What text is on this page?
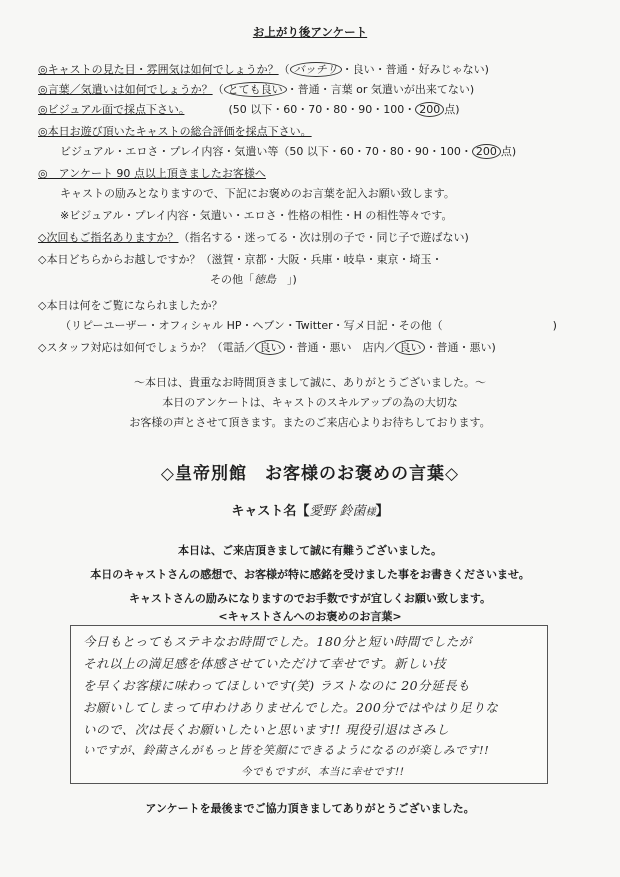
お上がり後アンケート
◎キャストの見た目・雰囲気は如何でしょうか？（ バッチリ ・良い・普通・好みじゃない)
◎言葉／気遣いは如何でしょうか？（ とても良い ・普通・言葉 or 気遣いが出来てない)
◎ビジュアル面で採点下さい。　　　　	(50 以下・60・70・80・90・100・ 200 点)
◎本日お遊び頂いたキャストの総合評価を採点下さい。
ビジュアル・エロさ・プレイ内容・気遣い等（50 以下・60・70・80・90・100・ 200 点)
◎　アンケート 90 点以上頂きましたお客様へ
キャストの励みとなりますので、下記にお褒めのお言葉を記入お願い致します。
※ビジュアル・プレイ内容・気遣い・エロさ・性格の相性・H の相性等々です。
◇次回もご指名ありますか？（指名する・迷ってる・次は別の子で・同じ子で遊ばない)
◇本日どちらからお越しですか？（滋賀・京都・大阪・兵庫・岐阜・東京・埼玉・
その他「徳島　 」)
◇本日は何をご覧になられましたか？
（リピーユーザー・オフィシャル HP・ヘブン・Twitter・写メ日記・その他（　　　　　　　　　　	)
◇スタッフ対応は如何でしょうか？（電話／ 良い ・普通・悪い　店内／ 良い ・普通・悪い)
～本日は、貴重なお時間頂きまして誠に、ありがとうございました。～
本日のアンケートは、キャストのスキルアップの為の大切な
お客様の声とさせて頂きます。またのご来店心よりお待ちしております。
◇皇帝別館　お客様のお褒めの言葉◇
キャスト名【愛野 鈴菌様】
本日は、ご来店頂きまして誠に有難うございました。
本日のキャストさんの感想で、お客様が特に感銘を受けました事をお書きくださいませ。
キャストさんの励みになりますのでお手数ですが宜しくお願い致します。
<キャストさんへのお褒めのお言葉>
今日もとってもステキなお時間でした。180分と短い時間でしたが
それ以上の満足感を体感させていただけて幸せです。新しい技
を早くお客様に味わってほしいです(笑) ラストなのに 20分延長も
お願いしてしまって申わけありませんでした。200分ではやはり足りな
いので、次は長くお願いしたいと思います!! 現役引退はさみし
いですが、鈴菌さんがもっと皆を笑顔にできるようになるのが楽しみです!!
今でもですが、本当に幸せです!!
アンケートを最後までご協力頂きましてありがとうございました。
